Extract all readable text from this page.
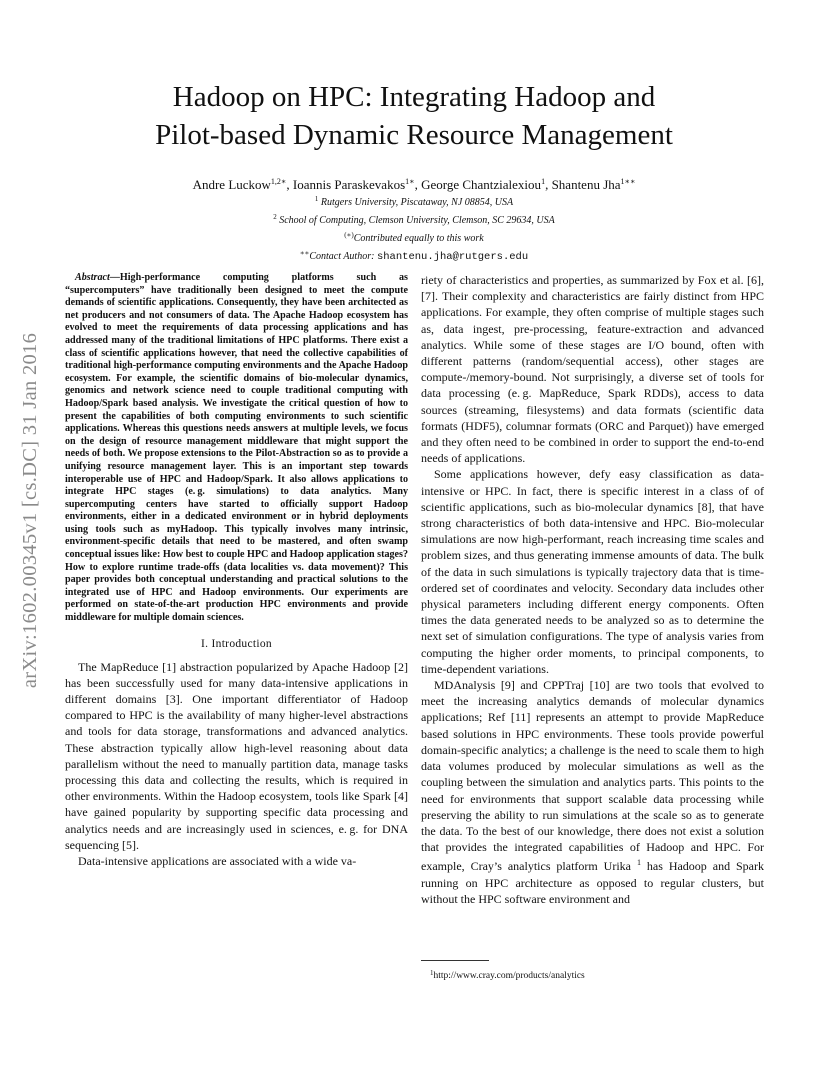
arXiv:1602.00345v1 [cs.DC] 31 Jan 2016
Hadoop on HPC: Integrating Hadoop and
Pilot-based Dynamic Resource Management
Andre Luckow$^{1,2∗}$, Ioannis Paraskevakos$^{1∗}$, George Chantzialexiou$^1$, Shantenu Jha$^{1∗∗}$
$^1$ Rutgers University, Piscataway, NJ 08854, USA
$^2$ School of Computing, Clemson University, Clemson, SC 29634, USA
(∗)Contributed equally to this work
∗∗Contact Author: shantenu.jha@rutgers.edu

Abstract—High-performance computing platforms such as “supercomputers” have traditionally been designed to meet the compute demands of scientific applications. Consequently, they have been architected as net producers and not consumers of data. The Apache Hadoop ecosystem has evolved to meet the requirements of data processing applications and has addressed many of the traditional limitations of HPC platforms. There exist a class of scientific applications however, that need the collective capabilities of traditional high-performance computing environments and the Apache Hadoop ecosystem. For example, the scientific domains of bio-molecular dynamics, genomics and network science need to couple traditional computing with Hadoop/Spark based analysis. We investigate the critical question of how to present the capabilities of both computing environments to such scientific applications. Whereas this questions needs answers at multiple levels, we focus on the design of resource management middleware that might support the needs of both. We propose extensions to the Pilot-Abstraction so as to provide a unifying resource management layer. This is an important step towards interoperable use of HPC and Hadoop/Spark. It also allows applications to integrate HPC stages (e. g. simulations) to data analytics. Many supercomputing centers have started to officially support Hadoop environments, either in a dedicated environment or in hybrid deployments using tools such as myHadoop. This typically involves many intrinsic, environment-specific details that need to be mastered, and often swamp conceptual issues like: How best to couple HPC and Hadoop application stages? How to explore runtime trade-offs (data localities vs. data movement)? This paper provides both conceptual understanding and practical solutions to the integrated use of HPC and Hadoop environments. Our experiments are performed on state-of-the-art production HPC environments and provide middleware for multiple domain sciences.

I. Introduction

The MapReduce [1] abstraction popularized by Apache Hadoop [2] has been successfully used for many data-intensive applications in different domains [3]. One important differentiator of Hadoop compared to HPC is the availability of many higher-level abstractions and tools for data storage, transformations and advanced analytics. These abstraction typically allow high-level reasoning about data parallelism without the need to manually partition data, manage tasks processing this data and collecting the results, which is required in other environments. Within the Hadoop ecosystem, tools like Spark [4] have gained popularity by supporting specific data processing and analytics needs and are increasingly used in sciences, e. g. for DNA sequencing [5].

Data-intensive applications are associated with a wide va-

riety of characteristics and properties, as summarized by Fox et al. [6], [7]. Their complexity and characteristics are fairly distinct from HPC applications. For example, they often comprise of multiple stages such as, data ingest, pre-processing, feature-extraction and advanced analytics. While some of these stages are I/O bound, often with different patterns (random/sequential access), other stages are compute-/memory-bound. Not surprisingly, a diverse set of tools for data processing (e. g. MapReduce, Spark RDDs), access to data sources (streaming, filesystems) and data formats (scientific data formats (HDF5), columnar formats (ORC and Parquet)) have emerged and they often need to be combined in order to support the end-to-end needs of applications.

Some applications however, defy easy classification as data-intensive or HPC. In fact, there is specific interest in a class of of scientific applications, such as bio-molecular dynamics [8], that have strong characteristics of both data-intensive and HPC. Bio-molecular simulations are now high-performant, reach increasing time scales and problem sizes, and thus generating immense amounts of data. The bulk of the data in such simulations is typically trajectory data that is time-ordered set of coordinates and velocity. Secondary data includes other physical parameters including different energy components. Often times the data generated needs to be analyzed so as to determine the next set of simulation configurations. The type of analysis varies from computing the higher order moments, to principal components, to time-dependent variations.

MDAnalysis [9] and CPPTraj [10] are two tools that evolved to meet the increasing analytics demands of molecular dynamics applications; Ref [11] represents an attempt to provide MapReduce based solutions in HPC environments. These tools provide powerful domain-specific analytics; a challenge is the need to scale them to high data volumes produced by molecular simulations as well as the coupling between the simulation and analytics parts. This points to the need for environments that support scalable data processing while preserving the ability to run simulations at the scale so as to generate the data. To the best of our knowledge, there does not exist a solution that provides the integrated capabilities of Hadoop and HPC. For example, Cray’s analytics platform Urika $^1$ has Hadoop and Spark running on HPC architecture as opposed to regular clusters, but without the HPC software environment and

$^1$http://www.cray.com/products/analytics
